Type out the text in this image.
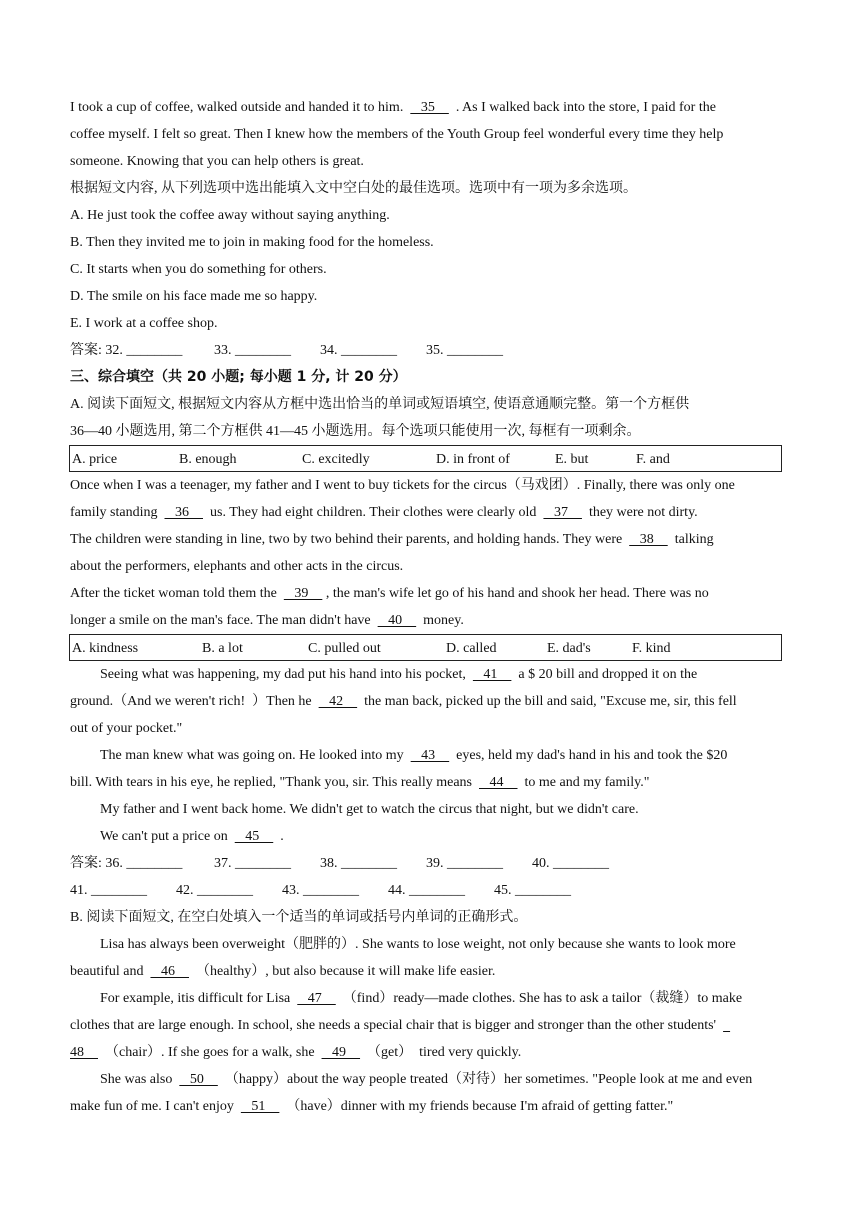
I took a cup of coffee, walked outside and handed it to him.     35      . As I walked back into the store, I paid for the
coffee myself. I felt so great. Then I knew how the members of the Youth Group feel wonderful every time they help
someone. Knowing that you can help others is great.
根据短文内容, 从下列选项中选出能填入文中空白处的最佳选项。选项中有一项为多余选项。
A. He just took the coffee away without saying anything.
B. Then they invited me to join in making food for the homeless.
C. It starts when you do something for others.
D. The smile on his face made me so happy.
E. I work at a coffee shop.
答案: 32. ________ 33. ________ 34. ________ 35. ________
三、综合填空（共 20 小题; 每小题 1 分, 计 20 分）
A. 阅读下面短文, 根据短文内容从方框中选出恰当的单词或短语填空, 使语意通顺完整。第一个方框供
36—40 小题选用, 第二个方框供 41—45 小题选用。每个选项只能使用一次, 每框有一项剩余。
A. price	B. enough	C. excitedly	D. in front of	E. but	F. and
Once when I was a teenager, my father and I went to buy tickets for the circus（马戏团）. Finally, there was only one
family standing     36      us. They had eight children. Their clothes were clearly old     37      they were not dirty.
The children were standing in line, two by two behind their parents, and holding hands. They were     38      talking
about the performers, elephants and other acts in the circus.
After the ticket woman told them the     39     , the man's wife let go of his hand and shook her head. There was no
longer a smile on the man's face. The man didn't have     40      money.
A. kindness	B. a lot	C. pulled out	D. called	E. dad's	F. kind
Seeing what was happening, my dad put his hand into his pocket,     41      a $ 20 bill and dropped it on the
ground.（And we weren't rich!  ）Then he     42      the man back, picked up the bill and said, "Excuse me, sir, this fell
out of your pocket."
The man knew what was going on. He looked into my     43      eyes, held my dad's hand in his and took the $20
bill. With tears in his eye, he replied, "Thank you, sir. This really means     44      to me and my family."
My father and I went back home. We didn't get to watch the circus that night, but we didn't care.
We can't put a price on     45      .
答案: 36. ________ 37. ________ 38. ________ 39. ________ 40. ________
41. ________ 42. ________ 43. ________ 44. ________ 45. ________
B. 阅读下面短文, 在空白处填入一个适当的单词或括号内单词的正确形式。
Lisa has always been overweight（肥胖的）. She wants to lose weight, not only because she wants to look more
beautiful and     46      （healthy）, but also because it will make life easier.
For example, itis difficult for Lisa     47      （find）ready—made clothes. She has to ask a tailor（裁缝）to make
clothes that are large enough. In school, she needs a special chair that is bigger and stronger than the other students'
48      （chair）. If she goes for a walk, she     49      （get）  tired very quickly.
She was also     50      （happy）about the way people treated（对待）her sometimes. "People look at me and even
make fun of me. I can't enjoy     51      （have）dinner with my friends because I'm afraid of getting fatter."
